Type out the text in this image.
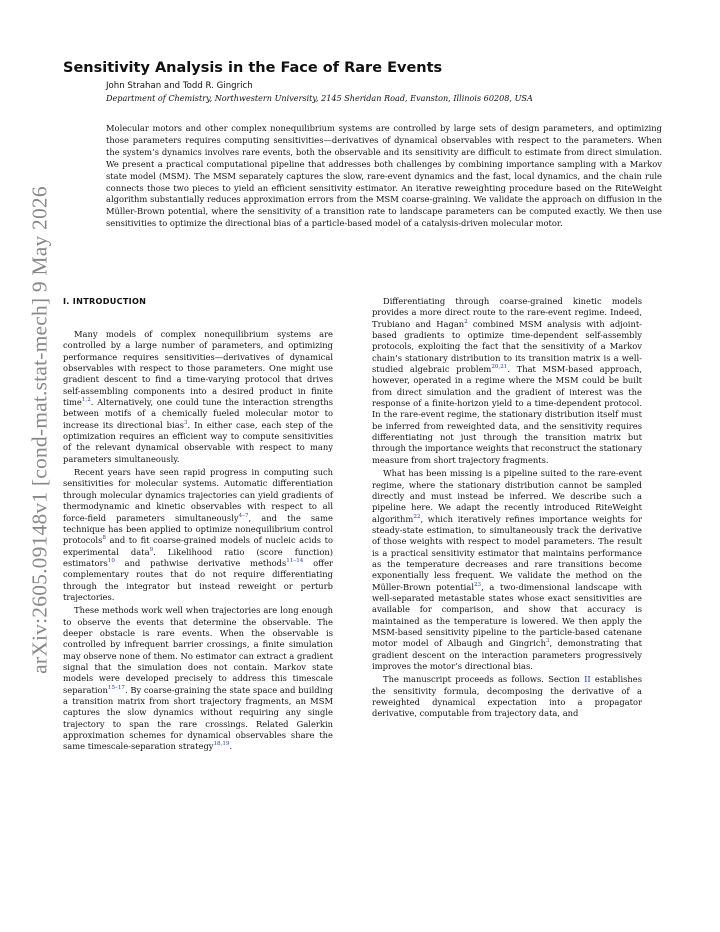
arXiv:2605.09148v1 [cond-mat.stat-mech] 9 May 2026
Sensitivity Analysis in the Face of Rare Events
John Strahan and Todd R. Gingrich
Department of Chemistry, Northwestern University, 2145 Sheridan Road, Evanston, Illinois 60208, USA
Molecular motors and other complex nonequilibrium systems are controlled by large sets of design parameters, and optimizing those parameters requires computing sensitivities—derivatives of dynamical observables with respect to the parameters. When the system’s dynamics involves rare events, both the observable and its sensitivity are difficult to estimate from direct simulation. We present a practical computational pipeline that addresses both challenges by combining importance sampling with a Markov state model (MSM). The MSM separately captures the slow, rare-event dynamics and the fast, local dynamics, and the chain rule connects those two pieces to yield an efficient sensitivity estimator. An iterative reweighting procedure based on the RiteWeight algorithm substantially reduces approximation errors from the MSM coarse-graining. We validate the approach on diffusion in the Müller-Brown potential, where the sensitivity of a transition rate to landscape parameters can be computed exactly. We then use sensitivities to optimize the directional bias of a particle-based model of a catalysis-driven molecular motor.
I. INTRODUCTION

Many models of complex nonequilibrium systems are controlled by a large number of parameters, and optimizing performance requires sensitivities—derivatives of dynamical observables with respect to those parameters. One might use gradient descent to find a time-varying protocol that drives self-assembling components into a desired product in finite time$^{1,2}$. Alternatively, one could tune the interaction strengths between motifs of a chemically fueled molecular motor to increase its directional bias$^3$. In either case, each step of the optimization requires an efficient way to compute sensitivities of the relevant dynamical observable with respect to many parameters simultaneously.

Recent years have seen rapid progress in computing such sensitivities for molecular systems. Automatic differentiation through molecular dynamics trajectories can yield gradients of thermodynamic and kinetic observables with respect to all force-field parameters simultaneously$^{4-7}$, and the same technique has been applied to optimize nonequilibrium control protocols$^8$ and to fit coarse-grained models of nucleic acids to experimental data$^9$. Likelihood ratio (score function) estimators$^{10}$ and pathwise derivative methods$^{11-14}$ offer complementary routes that do not require differentiating through the integrator but instead reweight or perturb trajectories.

These methods work well when trajectories are long enough to observe the events that determine the observable. The deeper obstacle is rare events. When the observable is controlled by infrequent barrier crossings, a finite simulation may observe none of them. No estimator can extract a gradient signal that the simulation does not contain. Markov state models were developed precisely to address this timescale separation$^{15-17}$. By coarse-graining the state space and building a transition matrix from short trajectory fragments, an MSM captures the slow dynamics without requiring any single trajectory to span the rare crossings. Related Galerkin approximation schemes for dynamical observables share the same timescale-separation strategy$^{18,19}$.

Differentiating through coarse-grained kinetic models provides a more direct route to the rare-event regime. Indeed, Trubiano and Hagan$^2$ combined MSM analysis with adjoint-based gradients to optimize time-dependent self-assembly protocols, exploiting the fact that the sensitivity of a Markov chain’s stationary distribution to its transition matrix is a well-studied algebraic problem$^{20,21}$. That MSM-based approach, however, operated in a regime where the MSM could be built from direct simulation and the gradient of interest was the response of a finite-horizon yield to a time-dependent protocol. In the rare-event regime, the stationary distribution itself must be inferred from reweighted data, and the sensitivity requires differentiating not just through the transition matrix but through the importance weights that reconstruct the stationary measure from short trajectory fragments.

What has been missing is a pipeline suited to the rare-event regime, where the stationary distribution cannot be sampled directly and must instead be inferred. We describe such a pipeline here. We adapt the recently introduced RiteWeight algorithm$^{22}$, which iteratively refines importance weights for steady-state estimation, to simultaneously track the derivative of those weights with respect to model parameters. The result is a practical sensitivity estimator that maintains performance as the temperature decreases and rare transitions become exponentially less frequent. We validate the method on the Müller-Brown potential$^{23}$, a two-dimensional landscape with well-separated metastable states whose exact sensitivities are available for comparison, and show that accuracy is maintained as the temperature is lowered. We then apply the MSM-based sensitivity pipeline to the particle-based catenane motor model of Albaugh and Gingrich$^3$, demonstrating that gradient descent on the interaction parameters progressively improves the motor’s directional bias.

The manuscript proceeds as follows. Section II establishes the sensitivity formula, decomposing the derivative of a reweighted dynamical expectation into a propagator derivative, computable from trajectory data, and
